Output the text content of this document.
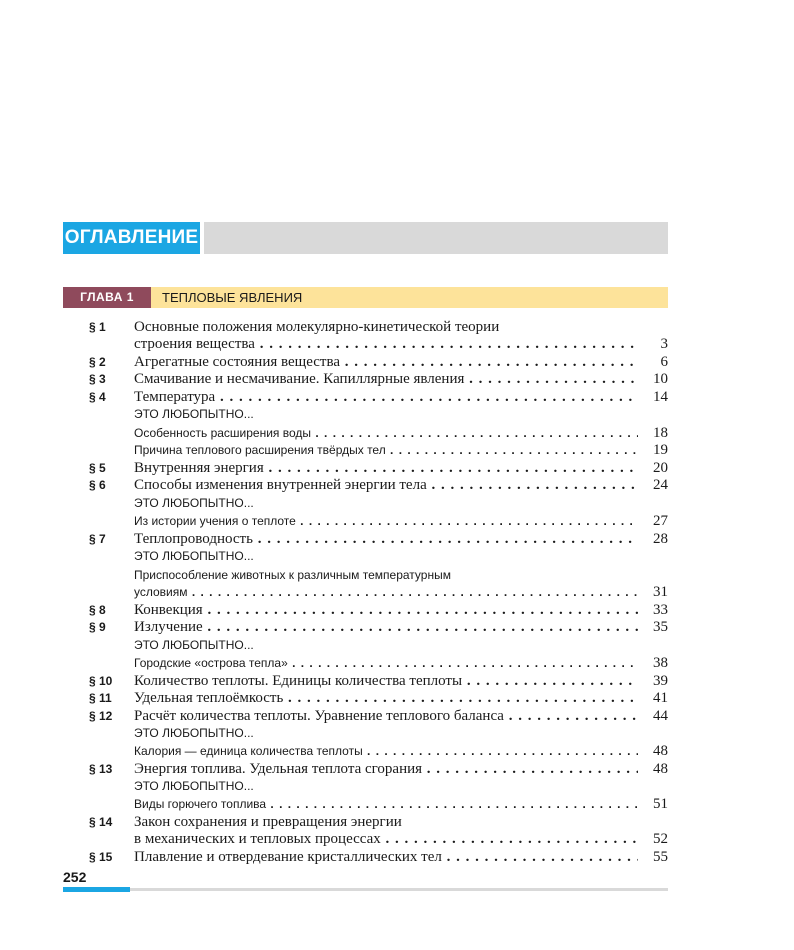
ОГЛАВЛЕНИЕ
ГЛАВА 1	ТЕПЛОВЫЕ ЯВЛЕНИЯ
§ 1 Основные положения молекулярно-кинетической теории
строения вещества . . .	3
§ 2 Агрегатные состояния вещества . . .	6
§ 3 Смачивание и несмачивание. Капиллярные явления . . .	10
§ 4 Температура . . .	14
ЭТО ЛЮБОПЫТНО...
Особенность расширения воды . . .	18
Причина теплового расширения твёрдых тел . . .	19
§ 5 Внутренняя энергия . . .	20
§ 6 Способы изменения внутренней энергии тела . . .	24
ЭТО ЛЮБОПЫТНО...
Из истории учения о теплоте . . .	27
§ 7 Теплопроводность . . .	28
ЭТО ЛЮБОПЫТНО...
Приспособление животных к различным температурным
условиям . . .	31
§ 8 Конвекция . . .	33
§ 9 Излучение . . .	35
ЭТО ЛЮБОПЫТНО...
Городские «острова тепла» . . .	38
§ 10 Количество теплоты. Единицы количества теплоты . . .	39
§ 11 Удельная теплоёмкость . . .	41
§ 12 Расчёт количества теплоты. Уравнение теплового баланса . . .	44
ЭТО ЛЮБОПЫТНО...
Калория — единица количества теплоты . . .	48
§ 13 Энергия топлива. Удельная теплота сгорания . . .	48
ЭТО ЛЮБОПЫТНО...
Виды горючего топлива . . .	51
§ 14 Закон сохранения и превращения энергии
в механических и тепловых процессах . . .	52
§ 15 Плавление и отвердевание кристаллических тел . . .	55
252
